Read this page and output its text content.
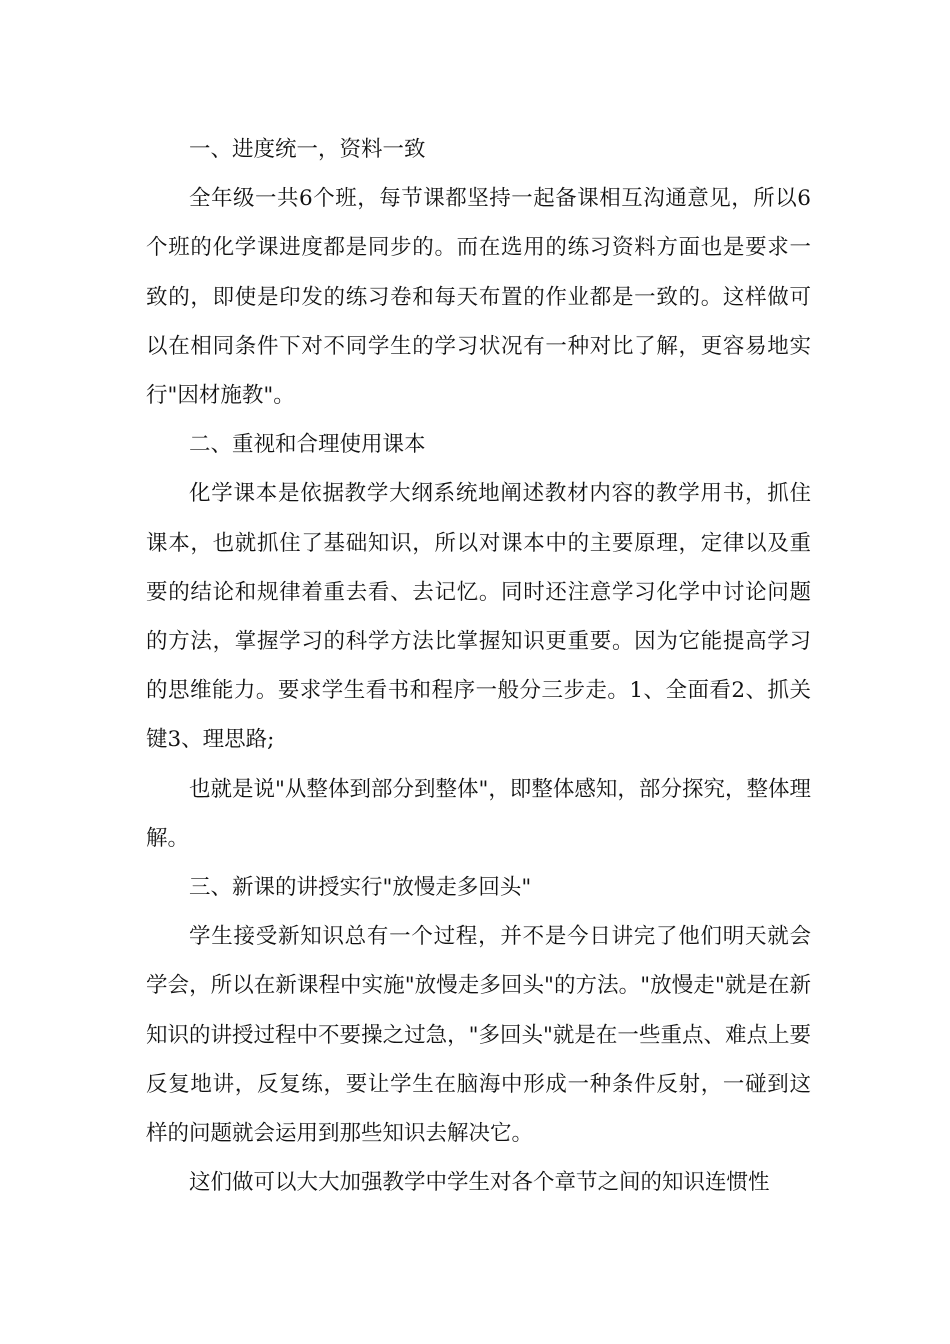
一、进度统一，资料一致

全年级一共6个班，每节课都坚持一起备课相互沟通意见，所以6个班的化学课进度都是同步的。而在选用的练习资料方面也是要求一致的，即使是印发的练习卷和每天布置的作业都是一致的。这样做可以在相同条件下对不同学生的学习状况有一种对比了解，更容易地实行"因材施教"。

二、重视和合理使用课本

化学课本是依据教学大纲系统地阐述教材内容的教学用书，抓住课本，也就抓住了基础知识，所以对课本中的主要原理，定律以及重要的结论和规律着重去看、去记忆。同时还注意学习化学中讨论问题的方法，掌握学习的科学方法比掌握知识更重要。因为它能提高学习的思维能力。要求学生看书和程序一般分三步走。1、全面看2、抓关键3、理思路;

也就是说"从整体到部分到整体"，即整体感知，部分探究，整体理解。

三、新课的讲授实行"放慢走多回头"

学生接受新知识总有一个过程，并不是今日讲完了他们明天就会学会，所以在新课程中实施"放慢走多回头"的方法。"放慢走"就是在新知识的讲授过程中不要操之过急，"多回头"就是在一些重点、难点上要反复地讲，反复练，要让学生在脑海中形成一种条件反射，一碰到这样的问题就会运用到那些知识去解决它。

这们做可以大大加强教学中学生对各个章节之间的知识连惯性
